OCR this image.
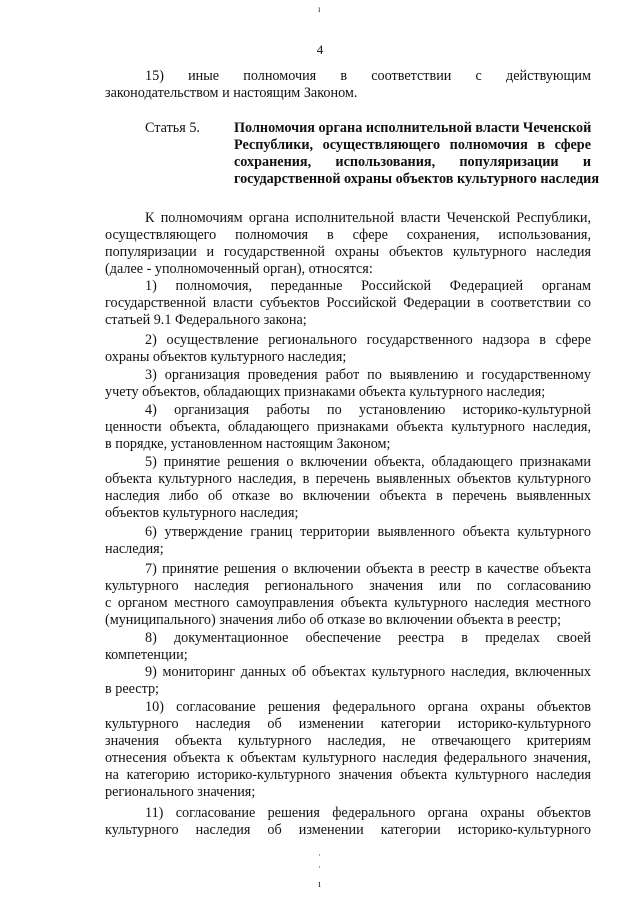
ı
4
15) иные полномочия в соответствии с действующим
законодательством и настоящим Законом.
Статья 5. Полномочия органа исполнительной власти Чеченской
Республики, осуществляющего полномочия в сфере
сохранения, использования, популяризации и
государственной охраны объектов культурного наследия
К полномочиям органа исполнительной власти Чеченской Республики,
осуществляющего полномочия в сфере сохранения, использования,
популяризации и государственной охраны объектов культурного наследия
(далее - уполномоченный орган), относятся:
1) полномочия, переданные Российской Федерацией органам
государственной власти субъектов Российской Федерации в соответствии со
статьей 9.1 Федерального закона;
2) осуществление регионального государственного надзора в сфере
охраны объектов культурного наследия;
3) организация проведения работ по выявлению и государственному
учету объектов, обладающих признаками объекта культурного наследия;
4) организация работы по установлению историко-культурной
ценности объекта, обладающего признаками объекта культурного наследия,
в порядке, установленном настоящим Законом;
5) принятие решения о включении объекта, обладающего признаками
объекта культурного наследия, в перечень выявленных объектов культурного
наследия либо об отказе во включении объекта в перечень выявленных
объектов культурного наследия;
6) утверждение границ территории выявленного объекта культурного
наследия;
7) принятие решения о включении объекта в реестр в качестве объекта
культурного наследия регионального значения или по согласованию
с органом местного самоуправления объекта культурного наследия местного
(муниципального) значения либо об отказе во включении объекта в реестр;
8) документационное обеспечение реестра в пределах своей
компетенции;
9) мониторинг данных об объектах культурного наследия, включенных
в реестр;
10) согласование решения федерального органа охраны объектов
культурного наследия об изменении категории историко-культурного
значения объекта культурного наследия, не отвечающего критериям
отнесения объекта к объектам культурного наследия федерального значения,
на категорию историко-культурного значения объекта культурного наследия
регионального значения;
11) согласование решения федерального органа охраны объектов
культурного наследия об изменении категории историко-культурного
·
·
ı
